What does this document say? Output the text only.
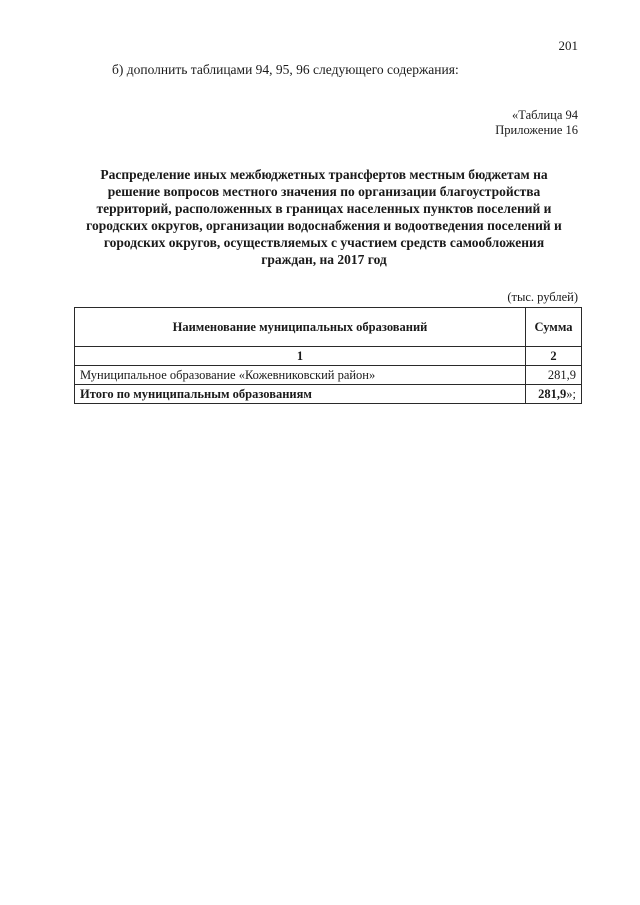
201
б) дополнить таблицами 94, 95, 96 следующего содержания:
«Таблица 94
Приложение 16
Распределение иных межбюджетных трансфертов местным бюджетам на
решение вопросов местного значения по организации благоустройства
территорий, расположенных в границах населенных пунктов поселений и
городских округов, организации водоснабжения и водоотведения поселений и
городских округов, осуществляемых с участием средств самообложения
граждан, на 2017 год
(тыс. рублей)
Наименование муниципальных образований	Сумма
1	2
Муниципальное образование «Кожевниковский район»	281,9
Итого по муниципальным образованиям	281,9»;
